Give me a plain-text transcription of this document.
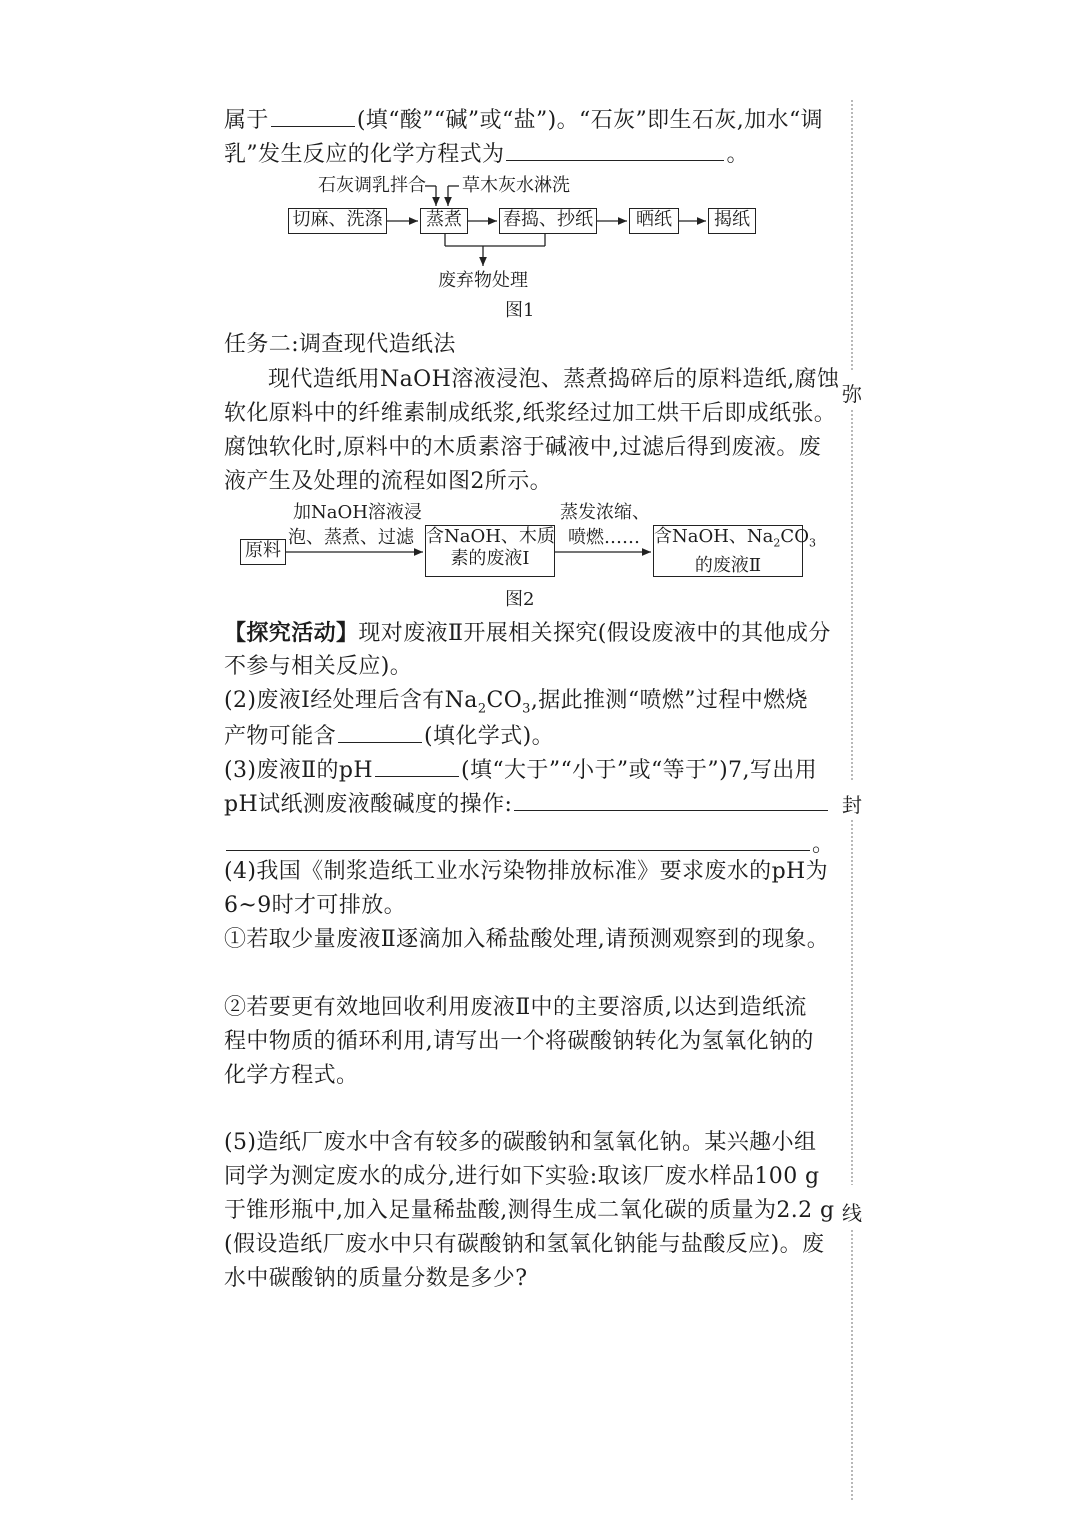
属于	(填“酸”“碱”或“盐”)。“石灰”即生石灰,加水“调
乳”发生反应的化学方程式为	。
石灰调乳拌合 草木灰水淋洗
切麻、洗涤	蒸煮	舂捣、抄纸	晒纸	揭纸
废弃物处理
图1
任务二:调查现代造纸法
现代造纸用NaOH溶液浸泡、蒸煮捣碎后的原料造纸,腐蚀
软化原料中的纤维素制成纸浆,纸浆经过加工烘干后即成纸张。
腐蚀软化时,原料中的木质素溶于碱液中,过滤后得到废液。废
液产生及处理的流程如图2所示。
加NaOH溶液浸
泡、蒸煮、过滤
原料
含NaOH、木质
素的废液Ⅰ
蒸发浓缩、
喷燃…… 含NaOH、$Na_2CO_3$
的废液Ⅱ
图2
【探究活动】现对废液Ⅱ开展相关探究(假设废液中的其他成分
不参与相关反应)。
(2)废液Ⅰ经处理后含有$Na_2CO_3$,据此推测“喷燃”过程中燃烧
产物可能含	(填化学式)。
(3)废液Ⅱ的pH	(填“大于”“小于”或“等于”)7,写出用
pH试纸测废液酸碱度的操作:
。
(4)我国《制浆造纸工业水污染物排放标准》要求废水的pH为
6~9时才可排放。
①若取少量废液Ⅱ逐滴加入稀盐酸处理,请预测观察到的现象。
②若要更有效地回收利用废液Ⅱ中的主要溶质,以达到造纸流
程中物质的循环利用,请写出一个将碳酸钠转化为氢氧化钠的
化学方程式。
(5)造纸厂废水中含有较多的碳酸钠和氢氧化钠。某兴趣小组
同学为测定废水的成分,进行如下实验:取该厂废水样品100 g
于锥形瓶中,加入足量稀盐酸,测得生成二氧化碳的质量为2.2 g
(假设造纸厂废水中只有碳酸钠和氢氧化钠能与盐酸反应)。废
水中碳酸钠的质量分数是多少?
弥
封
线
